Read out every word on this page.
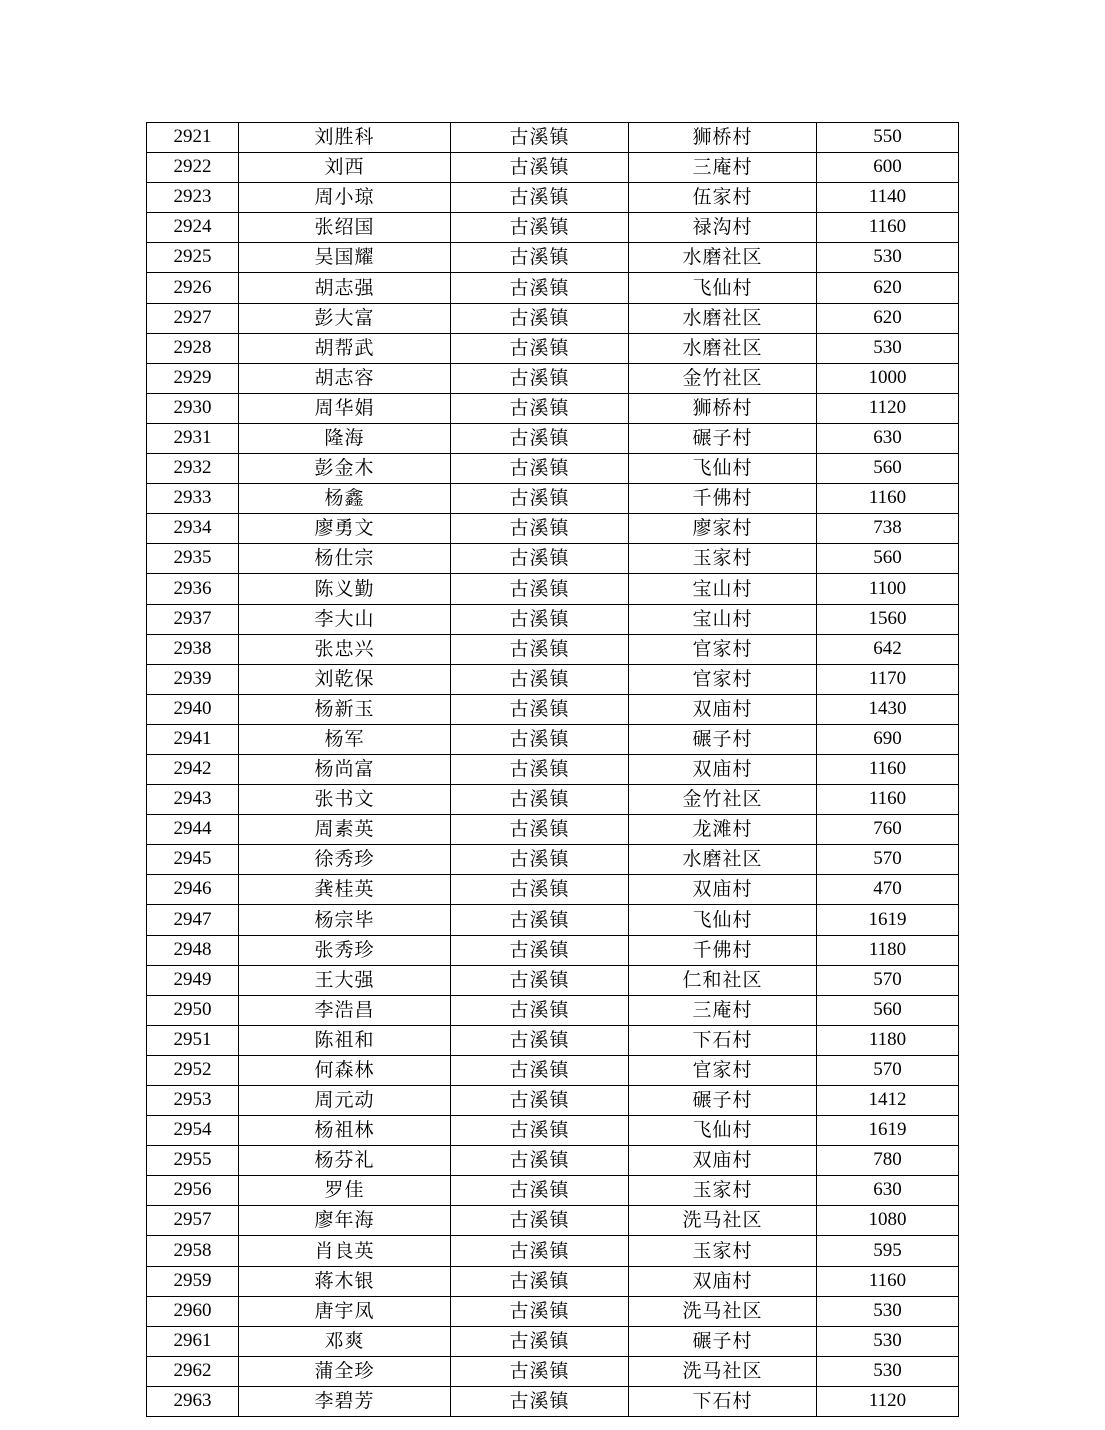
2921	刘胜科	古溪镇	狮桥村	550
2922	刘西	古溪镇	三庵村	600
2923	周小琼	古溪镇	伍家村	1140
2924	张绍国	古溪镇	禄沟村	1160
2925	吴国耀	古溪镇	水磨社区	530
2926	胡志强	古溪镇	飞仙村	620
2927	彭大富	古溪镇	水磨社区	620
2928	胡帮武	古溪镇	水磨社区	530
2929	胡志容	古溪镇	金竹社区	1000
2930	周华娟	古溪镇	狮桥村	1120
2931	隆海	古溪镇	碾子村	630
2932	彭金木	古溪镇	飞仙村	560
2933	杨鑫	古溪镇	千佛村	1160
2934	廖勇文	古溪镇	廖家村	738
2935	杨仕宗	古溪镇	玉家村	560
2936	陈义勤	古溪镇	宝山村	1100
2937	李大山	古溪镇	宝山村	1560
2938	张忠兴	古溪镇	官家村	642
2939	刘乾保	古溪镇	官家村	1170
2940	杨新玉	古溪镇	双庙村	1430
2941	杨军	古溪镇	碾子村	690
2942	杨尚富	古溪镇	双庙村	1160
2943	张书文	古溪镇	金竹社区	1160
2944	周素英	古溪镇	龙滩村	760
2945	徐秀珍	古溪镇	水磨社区	570
2946	龚桂英	古溪镇	双庙村	470
2947	杨宗毕	古溪镇	飞仙村	1619
2948	张秀珍	古溪镇	千佛村	1180
2949	王大强	古溪镇	仁和社区	570
2950	李浩昌	古溪镇	三庵村	560
2951	陈祖和	古溪镇	下石村	1180
2952	何森林	古溪镇	官家村	570
2953	周元动	古溪镇	碾子村	1412
2954	杨祖林	古溪镇	飞仙村	1619
2955	杨芬礼	古溪镇	双庙村	780
2956	罗佳	古溪镇	玉家村	630
2957	廖年海	古溪镇	洗马社区	1080
2958	肖良英	古溪镇	玉家村	595
2959	蒋木银	古溪镇	双庙村	1160
2960	唐宇凤	古溪镇	洗马社区	530
2961	邓爽	古溪镇	碾子村	530
2962	蒲全珍	古溪镇	洗马社区	530
2963	李碧芳	古溪镇	下石村	1120
